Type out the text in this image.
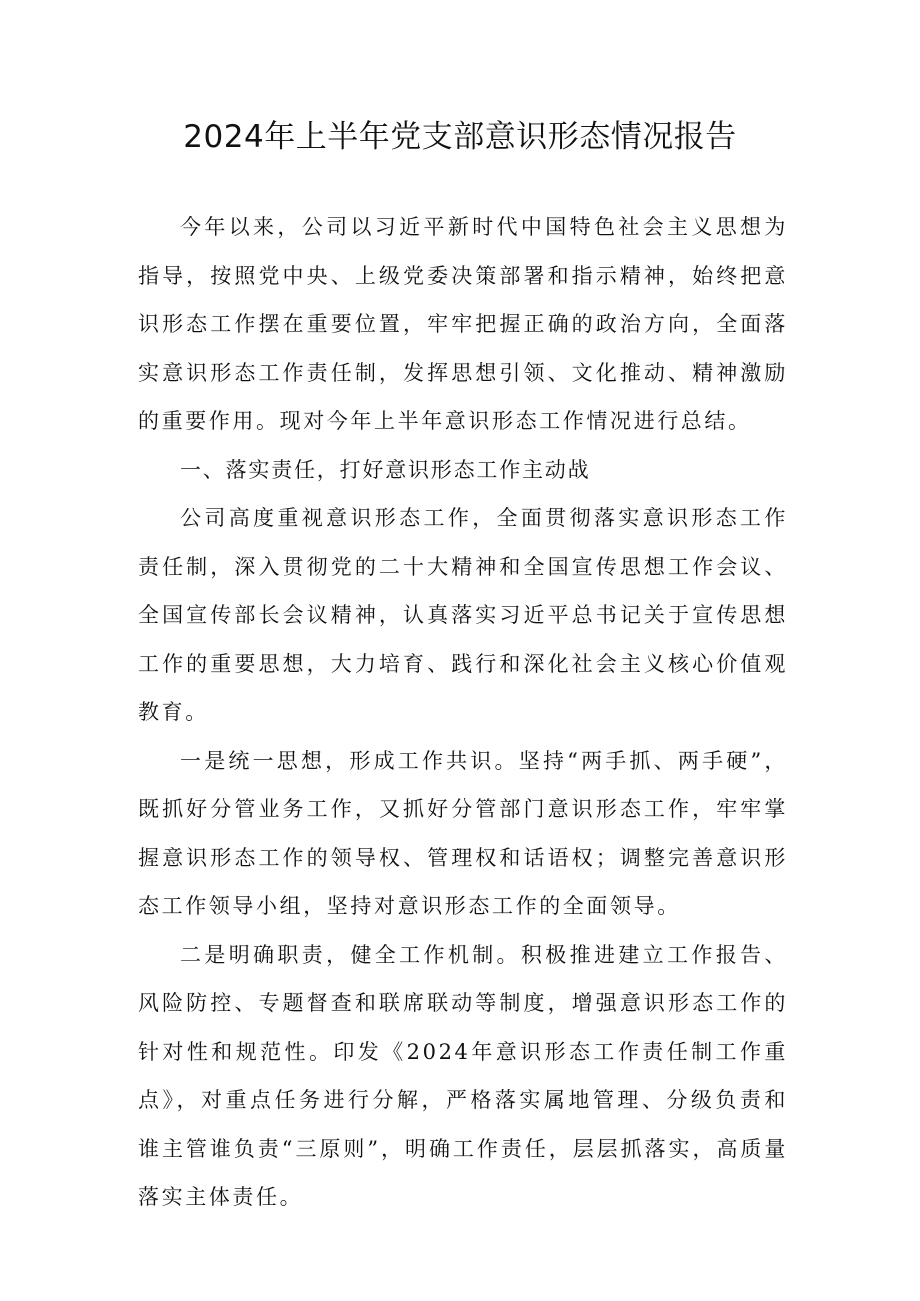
2024年上半年党支部意识形态情况报告

今年以来，公司以习近平新时代中国特色社会主义思想为指导，按照党中央、上级党委决策部署和指示精神，始终把意识形态工作摆在重要位置，牢牢把握正确的政治方向，全面落实意识形态工作责任制，发挥思想引领、文化推动、精神激励的重要作用。现对今年上半年意识形态工作情况进行总结。

一、落实责任，打好意识形态工作主动战

公司高度重视意识形态工作，全面贯彻落实意识形态工作责任制，深入贯彻党的二十大精神和全国宣传思想工作会议、全国宣传部长会议精神，认真落实习近平总书记关于宣传思想工作的重要思想，大力培育、践行和深化社会主义核心价值观教育。

一是统一思想，形成工作共识。坚持“两手抓、两手硬”，既抓好分管业务工作，又抓好分管部门意识形态工作，牢牢掌握意识形态工作的领导权、管理权和话语权；调整完善意识形态工作领导小组，坚持对意识形态工作的全面领导。

二是明确职责，健全工作机制。积极推进建立工作报告、风险防控、专题督查和联席联动等制度，增强意识形态工作的针对性和规范性。印发《2024年意识形态工作责任制工作重点》，对重点任务进行分解，严格落实属地管理、分级负责和谁主管谁负责“三原则”，明确工作责任，层层抓落实，高质量落实主体责任。
